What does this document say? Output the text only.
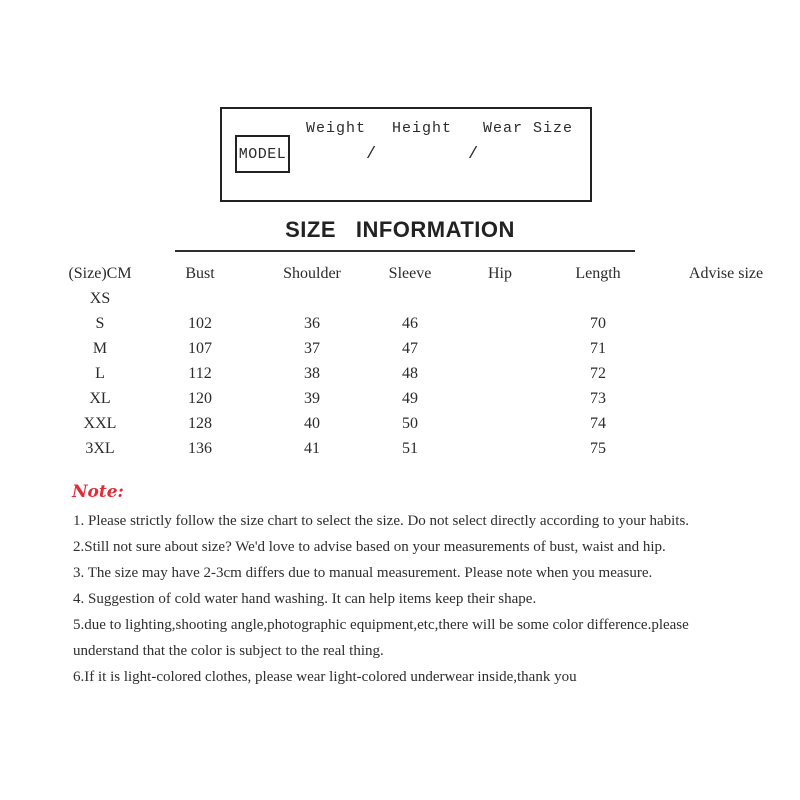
Weight Height Wear Size
MODEL	/	/
SIZE   INFORMATION
(Size)CM	Bust	Shoulder	Sleeve	Hip	Length	Advise size
XS						
S	102	36	46		70	
M	107	37	47		71	
L	112	38	48		72	
XL	120	39	49		73	
XXL	128	40	50		74	
3XL	136	41	51		75	
Note:
1. Please strictly follow the size chart to select the size. Do not select directly according to your habits.
2.Still not sure about size? We'd love to advise based on your measurements of bust, waist and hip.
3. The size may have 2-3cm differs due to manual measurement. Please note when you measure.
4. Suggestion of cold water hand washing. It can help items keep their shape.
5.due to lighting,shooting angle,photographic equipment,etc,there will be some color difference.please understand that the color is subject to the real thing.
6.If it is light-colored clothes, please wear light-colored underwear inside,thank you
